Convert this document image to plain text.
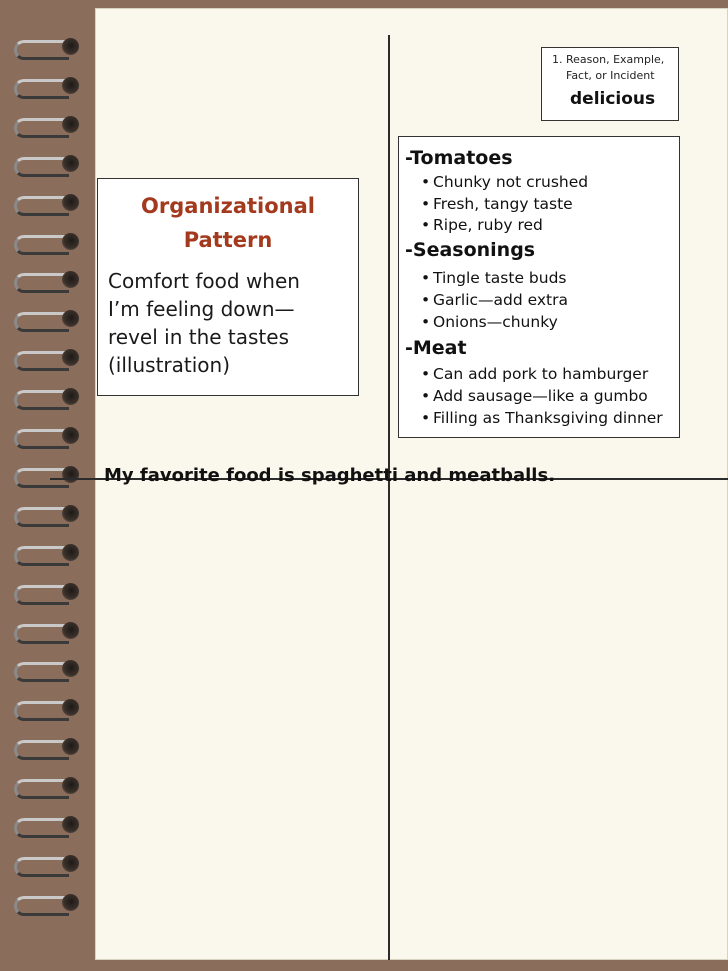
1. Reason, Example,
Fact, or Incident
delicious
Organizational
Pattern
Comfort food when
I’m feeling down—
revel in the tastes
(illustration)
-Tomatoes
• Chunky not crushed
• Fresh, tangy taste
• Ripe, ruby red
-Seasonings
• Tingle taste buds
• Garlic—add extra
• Onions—chunky
-Meat
• Can add pork to hamburger
• Add sausage—like a gumbo
• Filling as Thanksgiving dinner
My favorite food is spaghetti and meatballs.
